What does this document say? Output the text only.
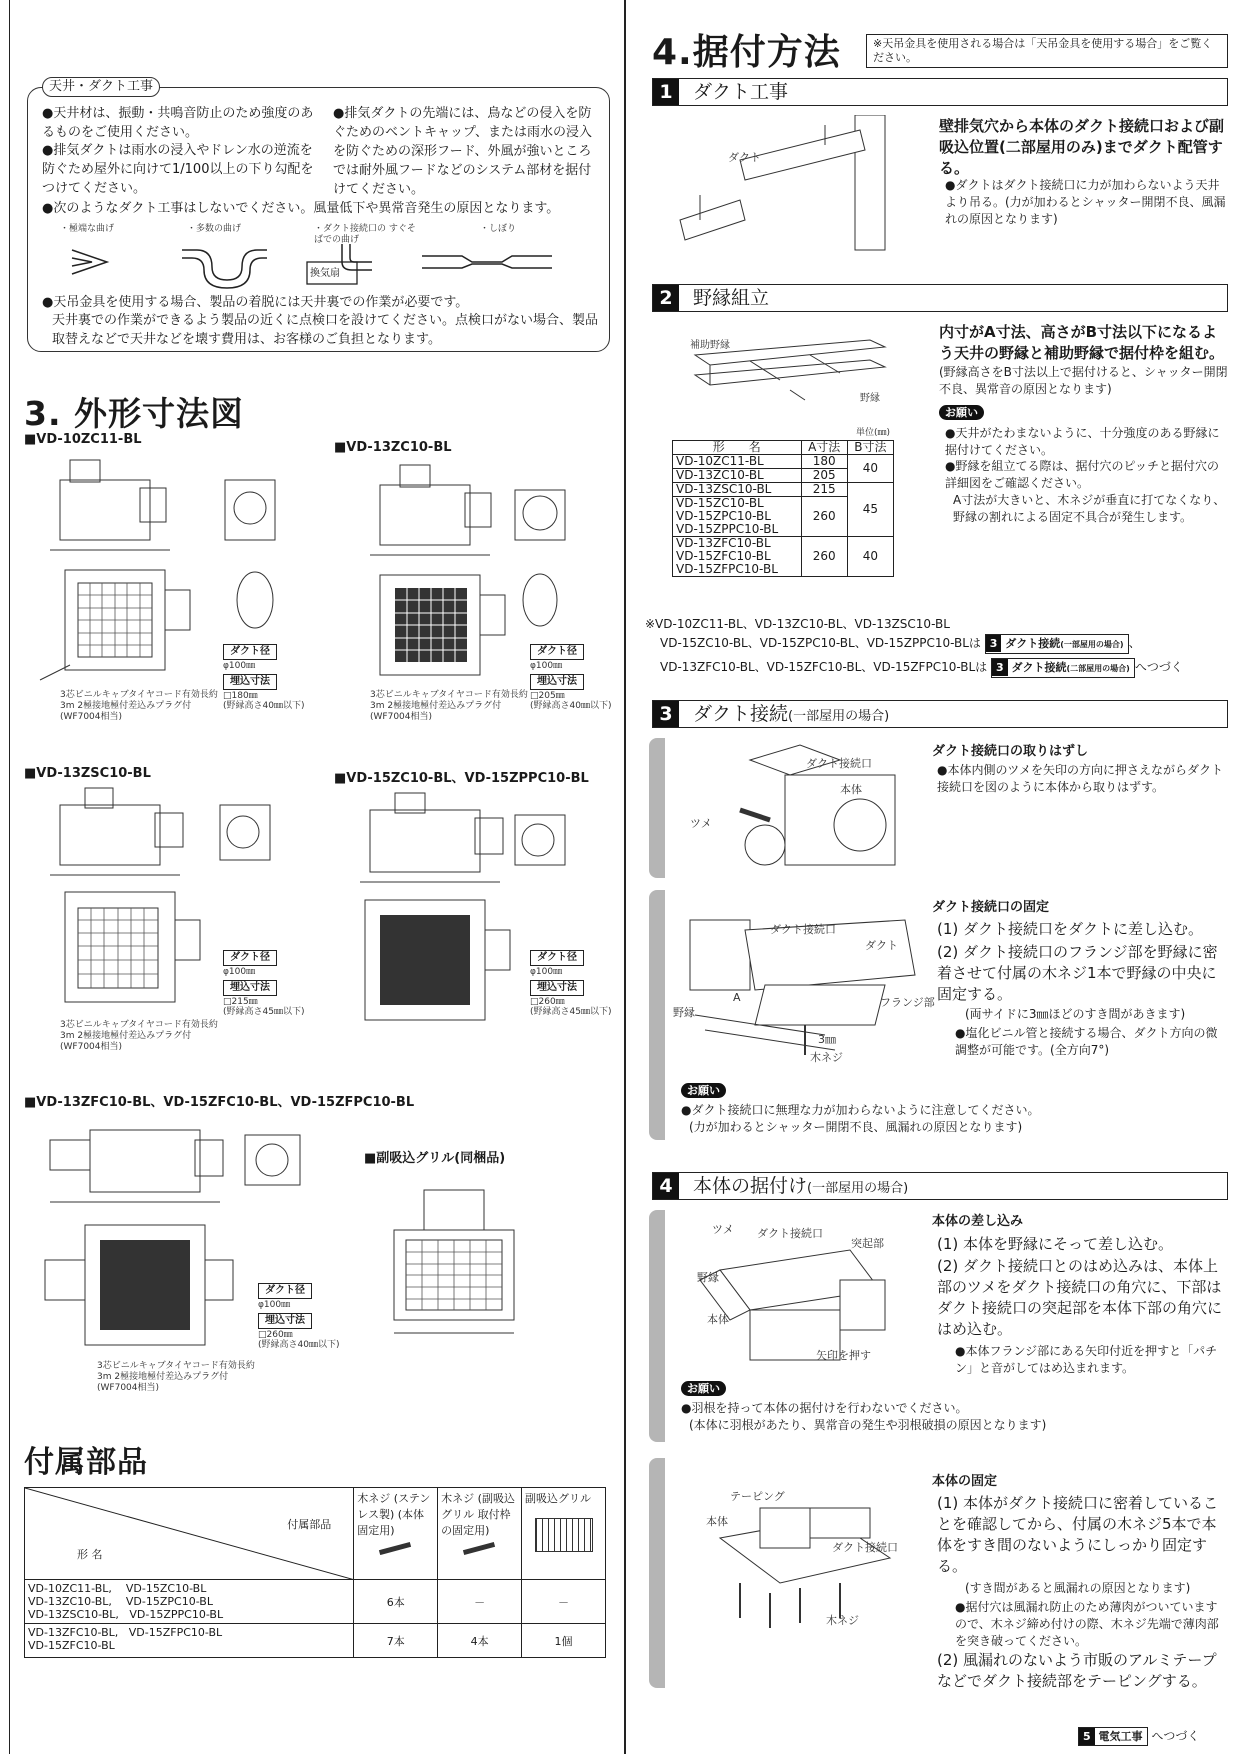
天井・ダクト工事
●天井材は、振動・共鳴音防止のため強度のあるものをご使用ください。
●排気ダクトは雨水の浸入やドレン水の逆流を防ぐため屋外に向けて1/100以上の下り勾配をつけてください。
●排気ダクトの先端には、鳥などの侵入を防ぐためのベントキャップ、または雨水の浸入を防ぐための深形フード、外風が強いところでは耐外風フードなどのシステム部材を据付けてください。
●次のようなダクト工事はしないでください。風量低下や異常音発生の原因となります。
・極端な曲げ	・多数の曲げ	・ダクト接続口の すぐそばでの曲げ
・しぼり
換気扇
●天吊金具を使用する場合、製品の着脱には天井裏での作業が必要です。
天井裏での作業ができるよう製品の近くに点検口を設けてください。点検口がない場合、製品取替えなどで天井などを壊す費用は、お客様のご負担となります。
3. 外形寸法図
■VD-10ZC11-BL
■VD-13ZC10-BL
■VD-13ZSC10-BL	■VD-15ZC10-BL、VD-15ZPPC10-BL
■VD-13ZFC10-BL、VD-15ZFC10-BL、VD-15ZFPC10-BL
■副吸込グリル(同梱品)
ダクト径
φ100㎜
埋込寸法
□180㎜
(野縁高さ40㎜以下)
ダクト径
φ100㎜
埋込寸法
□205㎜
(野縁高さ40㎜以下)
ダクト径
φ100㎜
埋込寸法
□215㎜
(野縁高さ45㎜以下)
ダクト径
φ100㎜
埋込寸法
□260㎜
(野縁高さ45㎜以下)
ダクト径
φ100㎜
埋込寸法
□260㎜
(野縁高さ40㎜以下)
3芯ビニルキャブタイヤコード有効長約3m 2極接地極付差込みプラグ付(WF7004相当)
3芯ビニルキャブタイヤコード有効長約3m 2極接地極付差込みプラグ付(WF7004相当)
3芯ビニルキャブタイヤコード有効長約3m 2極接地極付差込みプラグ付(WF7004相当)
3芯ビニルキャブタイヤコード有効長約3m 2極接地極付差込みプラグ付(WF7004相当)
付属部品
付属部品
形 名	木ネジ (ステンレス製) (本体固定用)	木ネジ (副吸込グリル 取付枠の固定用)	副吸込グリル

VD-10ZC11-BL,    VD-15ZC10-BL
VD-13ZC10-BL,    VD-15ZPC10-BL
VD-13ZSC10-BL,   VD-15ZPPC10-BL	6本	－	－
VD-13ZFC10-BL,   VD-15ZFPC10-BL
VD-15ZFC10-BL	7本	4本	1個
4.据付方法	※天吊金具を使用される場合は「天吊金具を使用する場合」をご覧ください。
1	ダクト工事
ダクト
壁排気穴から本体のダクト接続口および副吸込位置(二部屋用のみ)までダクト配管する。
●ダクトはダクト接続口に力が加わらないよう天井より吊る。(力が加わるとシャッター開閉不良、風漏れの原因となります)
2	野縁組立
補助野縁
野縁
内寸がA寸法、高さがB寸法以下になるよう天井の野縁と補助野縁で据付枠を組む。
(野縁高さをB寸法以上で据付けると、シャッター開閉不良、異常音の原因となります)
お願い
●天井がたわまないように、十分強度のある野縁に据付けてください。
●野縁を組立てる際は、据付穴のピッチと据付穴の詳細図をご確認ください。
A寸法が大きいと、木ネジが垂直に打てなくなり、野縁の割れによる固定不具合が発生します。
単位(㎜)
形　　名	A寸法	B寸法
VD-10ZC11-BL	180	40
VD-13ZC10-BL	205	
VD-13ZSC10-BL	215	45

VD-15ZC10-BL
VD-15ZPC10-BL
VD-15ZPPC10-BL	260	

VD-13ZFC10-BL
VD-15ZFC10-BL
VD-15ZFPC10-BL	260	40
※VD-10ZC11-BL、VD-13ZC10-BL、VD-13ZSC10-BL
VD-15ZC10-BL、VD-15ZPC10-BL、VD-15ZPPC10-BLは 3 ダクト接続(一部屋用の場合) 、
VD-13ZFC10-BL、VD-15ZFC10-BL、VD-15ZFPC10-BLは 3 ダクト接続(二部屋用の場合) へつづく
3	ダクト接続(一部屋用の場合)
ダクト接続口
本体
ツメ
ダクト接続口の取りはずし
●本体内側のツメを矢印の方向に押さえながらダクト接続口を図のように本体から取りはずす。
ダクト接続口
ダクト
フランジ部
野縁
3㎜
木ネジ
A
ダクト接続口の固定
(1) ダクト接続口をダクトに差し込む。
(2) ダクト接続口のフランジ部を野縁に密着させて付属の木ネジ1本で野縁の中央に固定する。
(両サイドに3㎜ほどのすき間があきます)
●塩化ビニル管と接続する場合、ダクト方向の微調整が可能です。(全方向7°)
お願い
●ダクト接続口に無理な力が加わらないように注意してください。
(力が加わるとシャッター開閉不良、風漏れの原因となります)
4	本体の据付け(一部屋用の場合)
ツメ ダクト接続口
突起部
野縁
本体
矢印を押す
本体の差し込み
(1) 本体を野縁にそって差し込む。
(2) ダクト接続口とのはめ込みは、本体上部のツメをダクト接続口の角穴に、下部はダクト接続口の突起部を本体下部の角穴にはめ込む。
●本体フランジ部にある矢印付近を押すと「パチン」と音がしてはめ込まれます。
お願い
●羽根を持って本体の据付けを行わないでください。
(本体に羽根があたり、異常音の発生や羽根破損の原因となります)
テーピング
本体
ダクト接続口
木ネジ
本体の固定
(1) 本体がダクト接続口に密着していることを確認してから、付属の木ネジ5本で本体をすき間のないようにしっかり固定する。
(すき間があると風漏れの原因となります)
●据付穴は風漏れ防止のため薄肉がついていますので、木ネジ締め付けの際、木ネジ先端で薄肉部を突き破ってください。
(2) 風漏れのないよう市販のアルミテープなどでダクト接続部をテーピングする。
5 電気工事 へつづく
